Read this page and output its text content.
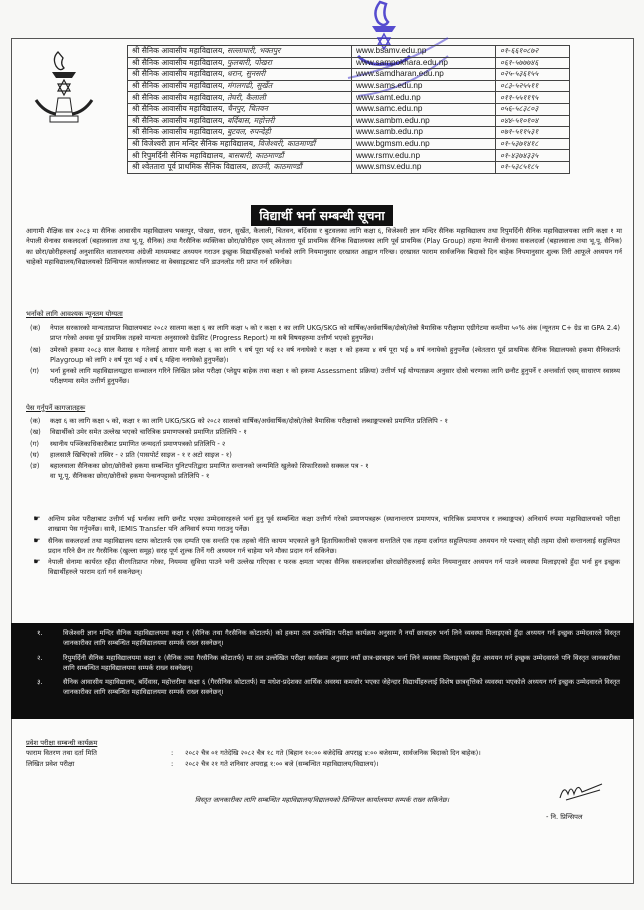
श्री सैनिक आवासीय महाविद्यालय, सल्लाघारी, भक्तपुर	www.bsamv.edu.np	०१-६६१०८७२
श्री सैनिक आवासीय महाविद्यालय, फुलबारी, पोखरा	www.sampokhara.edu.np	०६१-५७७७४६
श्री सैनिक आवासीय महाविद्यालय, धरान, सुनसरी	www.samdharan.edu.np	०२५-५३६१५५
श्री सैनिक आवासीय महाविद्यालय, मंगलगढी, सुर्खेत	www.sams.edu.np	०८३-५२५५११
श्री सैनिक आवासीय महाविद्यालय, तेघरी, कैलाली	www.samt.edu.np	०११-५५११९५
श्री सैनिक आवासीय महाविद्यालय, चैनपुर, चितवन	www.samc.edu.np	०५६-५८३८०३
श्री सैनिक आवासीय महाविद्यालय, बर्दिबास, महोत्तरी	www.sambm.edu.np	०४४-५१०१०४
श्री सैनिक आवासीय महाविद्यालय, बुटवल, रुपन्देही	www.samb.edu.np	०७१-५११५३१
श्री विजेश्वरी ज्ञान मन्दिर सैनिक महाविद्यालय, विजेश्वरी, काठमाण्डौं	www.bgmsm.edu.np	०१-५३७१४१८
श्री रिपुमर्दिनी सैनिक महाविद्यालय, बासबारी, काठमाण्डौं	www.rsmv.edu.np	०१-४३७४३३५
श्री श्वेततारा पूर्व प्राथमिक सैनिक विद्यालय, छाउनी, काठमाण्डौं	www.smsv.edu.np	०१-५३८५१८५
विद्यार्थी भर्ना सम्बन्धी सूचना
आगामी शैक्षिक सत्र २०८३ मा सैनिक आवासीय महाविद्यालय भक्तपुर, पोखरा, धरान, सुर्खेत, कैलाली, चितवन, बर्दिवास र बुटवलका लागि कक्षा ६, विजेश्वरी ज्ञान मन्दिर सैनिक महाविद्यालय तथा रिपुमर्दिनी सैनिक महाविद्यालयका लागि कक्षा १ मा नेपाली सेनाका सकलदर्जा (बहालवाला तथा भू.पू. सैनिक) तथा गैरसैनिक व्यक्तिका छोरा/छोरीहरु एवम् श्वेततारा पूर्व प्राथमिक सैनिक विद्यालयका लागि पूर्व प्राथमिक (Play Group) तहमा नेपाली सेनाका सकलदर्जा (बहालवाला तथा भू.पू. सैनिक) का छोरा/छोरीहरुलाई अनुशासित वातावरणमा अंग्रेजी माध्यमबाट अध्ययन गराउन इच्छुक विद्यार्थीहरुको भर्नाको लागि नियमानुसार दरखास्त आह्वान गरिन्छ। दरखास्त फाराम सार्वजनिक बिदाको दिन बाहेक नियमानुसार शुल्क तिरी आफूले अध्ययन गर्न चाहेको महाविद्यालय/विद्यालयको प्रिन्सिपल कार्यालयबाट वा वेबसाइटबाट पनि डाउनलोड गरी प्राप्त गर्न सकिनेछ।
भर्नाको लागि आवश्यक न्यूनतम योग्यता
(क)	नेपाल सरकारको मान्यताप्राप्त विद्यालयबाट २०८२ सालमा कक्षा ६ का लागि कक्षा ५ को र कक्षा १ का लागि UKG/SKG को वार्षिक/अर्धवार्षिक/दोस्रो/तेस्रो त्रैमासिक परीक्षामा एग्रीगेटमा कम्तीमा ५०% अंक (न्यूनतम C+ ग्रेड वा GPA 2.4) प्राप्त गरेको अथवा पूर्व प्राथमिक तहको मान्यता अनुसारको ग्रेडसिट (Progress Report) मा सबै विषयहरुमा उत्तीर्ण भएको हुनुपर्नेछ।
(ख)	उमेरको हकमा २०८३ साल वैशाख १ गतेलाई आधार मानी कक्षा ६ का लागि ९ वर्ष पूरा भई १२ वर्ष ननाघेको र कक्षा १ को हकमा ४ वर्ष पूरा भई ७ वर्ष ननाघेको हुनुपर्नेछ (श्वेततारा पूर्व प्राथमिक सैनिक विद्यालयको हकमा सैनिकतर्फ Playgroup को लागि २ वर्ष पूरा भई २ वर्ष ६ महिना ननाघेको हुनुपर्नेछ)।
(ग)	भर्ना हुनको लागि महाविद्यालयद्वारा सञ्चालन गरिने लिखित प्रवेश परीक्षा (प्लेग्रुप बाहेक तथा कक्षा १ को हकमा Assessment प्रक्रिया) उत्तीर्ण भई योग्यताक्रम अनुसार दोस्रो चरणका लागि छनौट हुनुपर्ने र अन्तर्वार्ता एवम् साधारण स्वास्थ्य परीक्षणमा समेत उत्तीर्ण हुनुपर्नेछ।
पेस गर्नुपर्ने कागजातहरू
(क)	कक्षा ६ का लागि कक्षा ५ को, कक्षा १ का लागि UKG/SKG को २०८२ सालको वार्षिक/अर्धवार्षिक/दोस्रो/तेस्रो त्रैमासिक परीक्षाको लब्धाङ्कपत्रको प्रमाणित प्रतिलिपि - १
(ख)	विद्यार्थीको उमेर समेत उल्लेख भएको चारित्रिक प्रमाणपत्रको प्रमाणित प्रतिलिपि - १
(ग)	स्थानीय पञ्जिकाधिकारीबाट प्रमाणित जन्मदर्ता प्रमाणपत्रको प्रतिलिपि - २
(घ)	हालसालै खिचिएको तस्विर - २ प्रति (पासपोर्ट साइज - १ र अटो साइज - १)
(ङ)	बहालवाला सैनिकका छोरा/छोरीको हकमा सम्बन्धित युनिटपतिद्वारा प्रमाणित सन्तानको जन्ममिति खुलेको सिफारिसको सक्कल पत्र - १
वा भू.पू. सैनिकका छोरा/छोरीको हकमा पेन्सनपट्टाको प्रतिलिपि - १
☛	अन्तिम प्रवेश परीक्षाबाट उत्तीर्ण भई भर्नाका लागि छनौट भएका उम्मेदवारहरुले भर्ना हुनु पूर्व सम्बन्धित कक्षा उत्तीर्ण गरेको प्रमाणपत्रहरू (स्थानान्तरण प्रमाणपत्र, चारित्रिक प्रमाणपत्र र लब्धाङ्कपत्र) अनिवार्य रुपमा महाविद्यालयको परीक्षा शाखामा पेस गर्नुपर्नेछ। साथै, IEMIS Transfer पनि अनिवार्य रुपमा गराउनु पर्नेछ।
☛	सैनिक सकलदर्जा तथा महाविद्यालय स्टाफ कोटातर्फ एक दम्पति एक सन्तति एक तहको नीति कायम भएकाले कुनै हिताधिकारीको एकजना सन्ततिले एक तहमा दर्जागत सहुलियतमा अध्ययन गरे पश्चात् सोही तहमा दोस्रो सन्तानलाई सहुलियत प्रदान गरिने छैन तर गैरसैनिक (खुल्ला समूह) सरह पूर्ण शुल्क तिर्ने गरी अध्ययन गर्न चाहेमा भने मौका प्रदान गर्न सकिनेछ।
☛	नेपाली सेनामा कार्यरत रहँदा वीरगतिप्राप्त गरेका, नियममा सुविधा पाउने भनी उल्लेख गरिएका र फरक क्षमता भएका सैनिक सकलदर्जाका छोराछोरीहरुलाई समेत नियमानुसार अध्ययन गर्न पाउने व्यवस्था मिलाइएको हुँदा भर्ना हुन इच्छुक विद्यार्थीहरुले फाराम दर्ता गर्न सकनेछन्।
१.	विजेश्वरी ज्ञान मन्दिर सैनिक महाविद्यालयमा कक्षा १ (सैनिक तथा गैरसैनिक कोटातर्फ) को हकमा तल उल्लेखित परीक्षा कार्यक्रम अनुसार नै नयाँ छात्राहरु भर्ना लिने व्यवस्था मिलाइएको हुँदा अध्ययन गर्न इच्छुक उम्मेदवारले विस्तृत जानकारीका लागि सम्बन्धित महाविद्यालयमा सम्पर्क राख्न सक्नेछन्।
२.	रिपुमर्दिनी सैनिक महाविद्यालयमा कक्षा १ (सैनिक तथा गैरसैनिक कोटातर्फ) मा तल उल्लेखित परीक्षा कार्यक्रम अनुसार नयाँ छात्र-छात्राहरु भर्ना लिने व्यवस्था मिलाइएको हुँदा अध्ययन गर्न इच्छुक उम्मेदवारले पनि विस्तृत जानकारीका लागि सम्बन्धित महाविद्यालयमा सम्पर्क राख्न सक्नेछन्।
३.	सैनिक आवासीय महाविद्यालय, बर्दिवास, महोत्तरीमा कक्षा ६ (गैरसैनिक कोटातर्फ) मा मधेश-प्रदेशका आर्थिक अवस्था कमजोर भएका जेहेन्दार विद्यार्थीहरुलाई विशेष छात्रवृत्तिको व्यवस्था भएकोले अध्ययन गर्न इच्छुक उम्मेदवारले विस्तृत जानकारीका लागि सम्बन्धित महाविद्यालयमा सम्पर्क राख्न सक्नेछन्।
प्रवेश परीक्षा सम्बन्धी कार्यक्रम
फाराम वितरण तथा दर्ता मिति	:	२०८२ चैत्र ०१ गतेदेखि २०८२ चैत्र १८ गते (बिहान १०:०० बजेदेखि अपराह्न ४:०० बजेसम्म, सार्वजनिक बिदाको दिन बाहेक)।
लिखित प्रवेश परीक्षा	:	२०८२ चैत्र २१ गते शनिवार अपराह्न १:०० बजे (सम्बन्धित महाविद्यालय/विद्यालय)।
विस्तृत जानकारीका लागि सम्बन्धित महाविद्यालय/विद्यालयको प्रिन्सिपल कार्यालयमा सम्पर्क राख्न सकिनेछ।
- नि. प्रिन्सिपल
